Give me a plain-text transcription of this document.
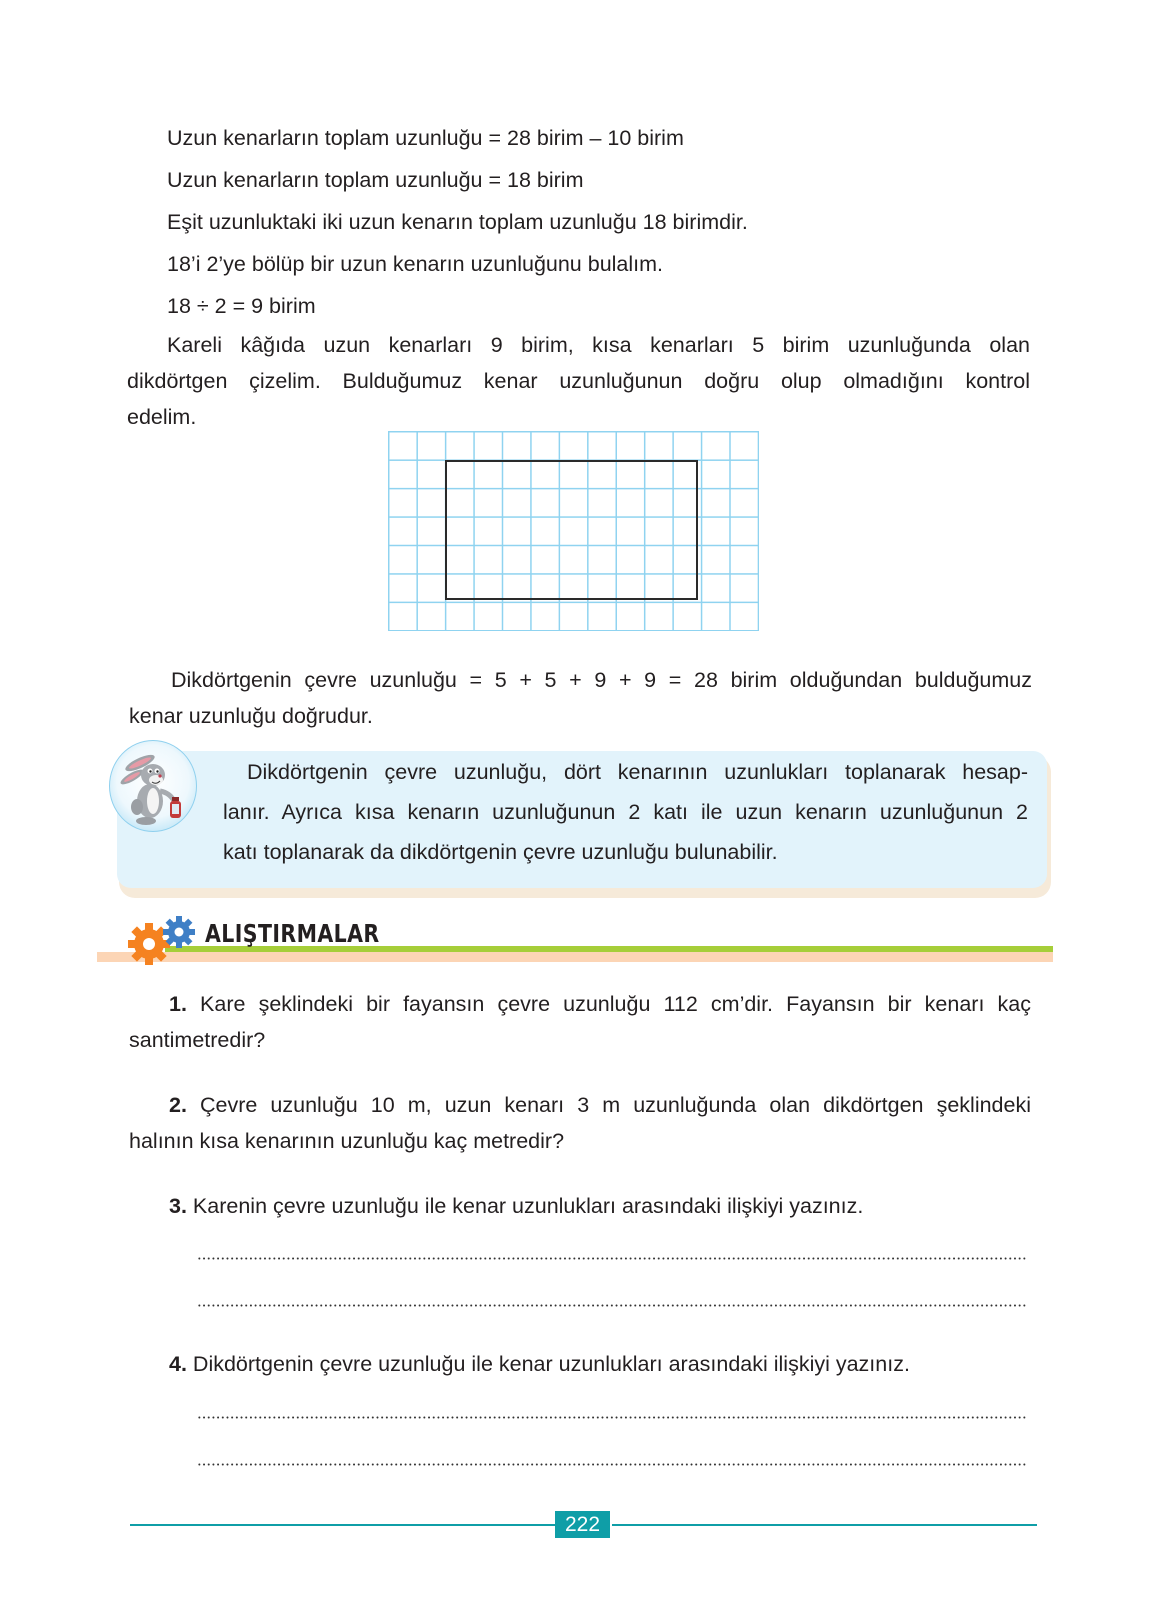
Uzun kenarların toplam uzunluğu = 28 birim – 10 birim
Uzun kenarların toplam uzunluğu = 18 birim
Eşit uzunluktaki iki uzun kenarın toplam uzunluğu 18 birimdir.
18’i 2’ye bölüp bir uzun kenarın uzunluğunu bulalım.
18 ÷ 2 = 9 birim
Kareli kâğıda uzun kenarları 9 birim, kısa kenarları 5 birim uzunluğunda olan
dikdörtgen çizelim. Bulduğumuz kenar uzunluğunun doğru olup olmadığını kontrol
edelim.
Dikdörtgenin çevre uzunluğu = 5 + 5 + 9 + 9 = 28 birim olduğundan bulduğumuz
kenar uzunluğu doğrudur.
Dikdörtgenin çevre uzunluğu, dört kenarının uzunlukları toplanarak hesap-
lanır. Ayrıca kısa kenarın uzunluğunun 2 katı ile uzun kenarın uzunluğunun 2
katı toplanarak da dikdörtgenin çevre uzunluğu bulunabilir.
ALIŞTIRMALAR
1. Kare şeklindeki bir fayansın çevre uzunluğu 112 cm’dir. Fayansın bir kenarı kaç
santimetredir?
2. Çevre uzunluğu 10 m, uzun kenarı 3 m uzunluğunda olan dikdörtgen şeklindeki
halının kısa kenarının uzunluğu kaç metredir?
3. Karenin çevre uzunluğu ile kenar uzunlukları arasındaki ilişkiyi yazınız.
4. Dikdörtgenin çevre uzunluğu ile kenar uzunlukları arasındaki ilişkiyi yazınız.
222
